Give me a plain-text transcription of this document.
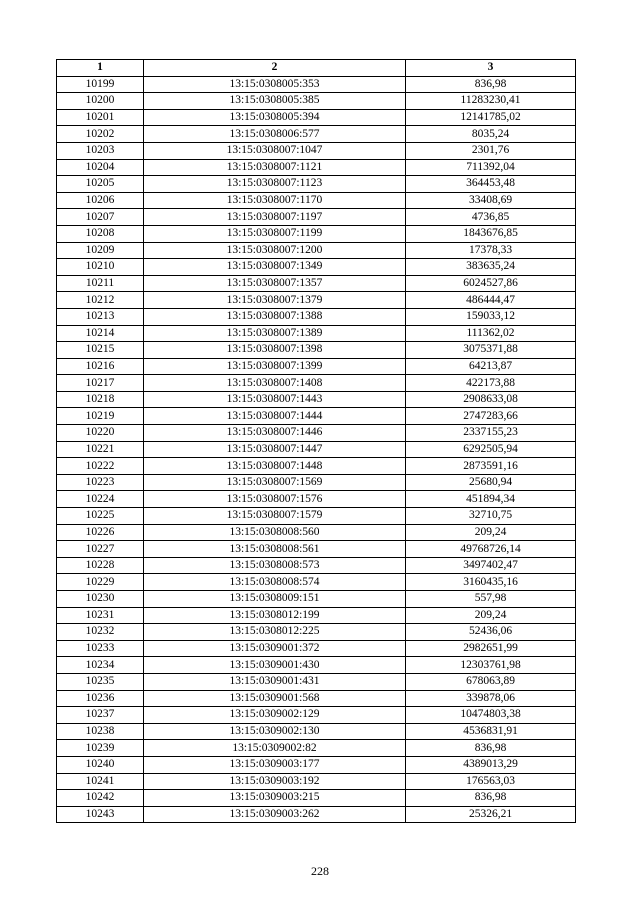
1	2	3
10199	13:15:0308005:353	836,98
10200	13:15:0308005:385	11283230,41
10201	13:15:0308005:394	12141785,02
10202	13:15:0308006:577	8035,24
10203	13:15:0308007:1047	2301,76
10204	13:15:0308007:1121	711392,04
10205	13:15:0308007:1123	364453,48
10206	13:15:0308007:1170	33408,69
10207	13:15:0308007:1197	4736,85
10208	13:15:0308007:1199	1843676,85
10209	13:15:0308007:1200	17378,33
10210	13:15:0308007:1349	383635,24
10211	13:15:0308007:1357	6024527,86
10212	13:15:0308007:1379	486444,47
10213	13:15:0308007:1388	159033,12
10214	13:15:0308007:1389	111362,02
10215	13:15:0308007:1398	3075371,88
10216	13:15:0308007:1399	64213,87
10217	13:15:0308007:1408	422173,88
10218	13:15:0308007:1443	2908633,08
10219	13:15:0308007:1444	2747283,66
10220	13:15:0308007:1446	2337155,23
10221	13:15:0308007:1447	6292505,94
10222	13:15:0308007:1448	2873591,16
10223	13:15:0308007:1569	25680,94
10224	13:15:0308007:1576	451894,34
10225	13:15:0308007:1579	32710,75
10226	13:15:0308008:560	209,24
10227	13:15:0308008:561	49768726,14
10228	13:15:0308008:573	3497402,47
10229	13:15:0308008:574	3160435,16
10230	13:15:0308009:151	557,98
10231	13:15:0308012:199	209,24
10232	13:15:0308012:225	52436,06
10233	13:15:0309001:372	2982651,99
10234	13:15:0309001:430	12303761,98
10235	13:15:0309001:431	678063,89
10236	13:15:0309001:568	339878,06
10237	13:15:0309002:129	10474803,38
10238	13:15:0309002:130	4536831,91
10239	13:15:0309002:82	836,98
10240	13:15:0309003:177	4389013,29
10241	13:15:0309003:192	176563,03
10242	13:15:0309003:215	836,98
10243	13:15:0309003:262	25326,21
228
